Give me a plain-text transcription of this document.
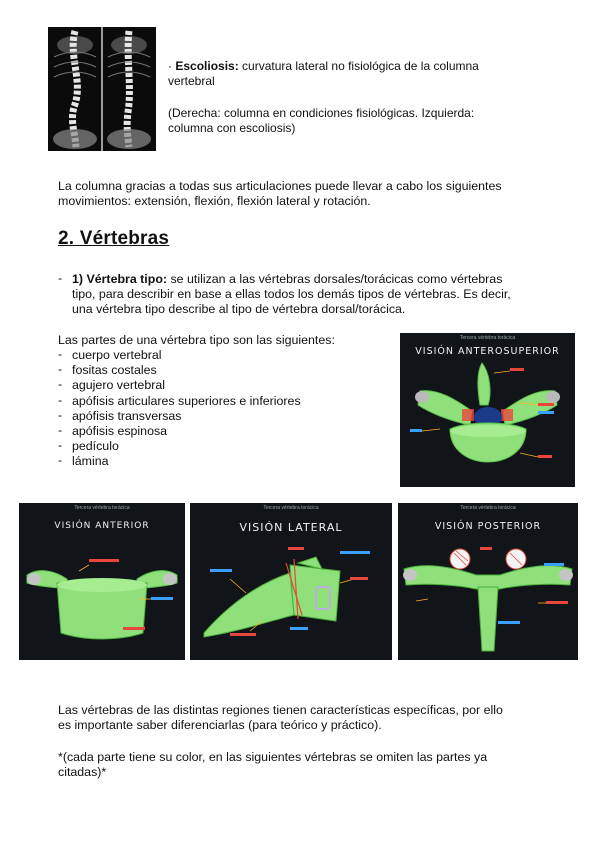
· Escoliosis: curvatura lateral no fisiológica de la columna
vertebral
(Derecha: columna en condiciones fisiológicas. Izquierda:
columna con escoliosis)
La columna gracias a todas sus articulaciones puede llevar a cabo los siguientes
movimientos: extensión, flexión, flexión lateral y rotación.
2. Vértebras
- 1) Vértebra tipo: se utilizan a las vértebras dorsales/torácicas como vértebras
tipo, para describir en base a ellas todos los demás tipos de vértebras. Es decir,
una vértebra tipo describe al tipo de vértebra dorsal/torácica.
Las partes de una vértebra tipo son las siguientes:
- cuerpo vertebral
- fositas costales
- agujero vertebral
- apófisis articulares superiores e inferiores
- apófisis transversas
- apófisis espinosa
- pedículo
- lámina
Tercera vértebra torácica
VISIÓN ANTEROSUPERIOR
Tercera vértebra torácica
VISIÓN ANTERIOR
Tercera vértebra torácica
VISIÓN LATERAL
Tercera vértebra torácica
VISIÓN POSTERIOR
Las vértebras de las distintas regiones tienen características específicas, por ello
es importante saber diferenciarlas (para teórico y práctico).
*(cada parte tiene su color, en las siguientes vértebras se omiten las partes ya
citadas)*
